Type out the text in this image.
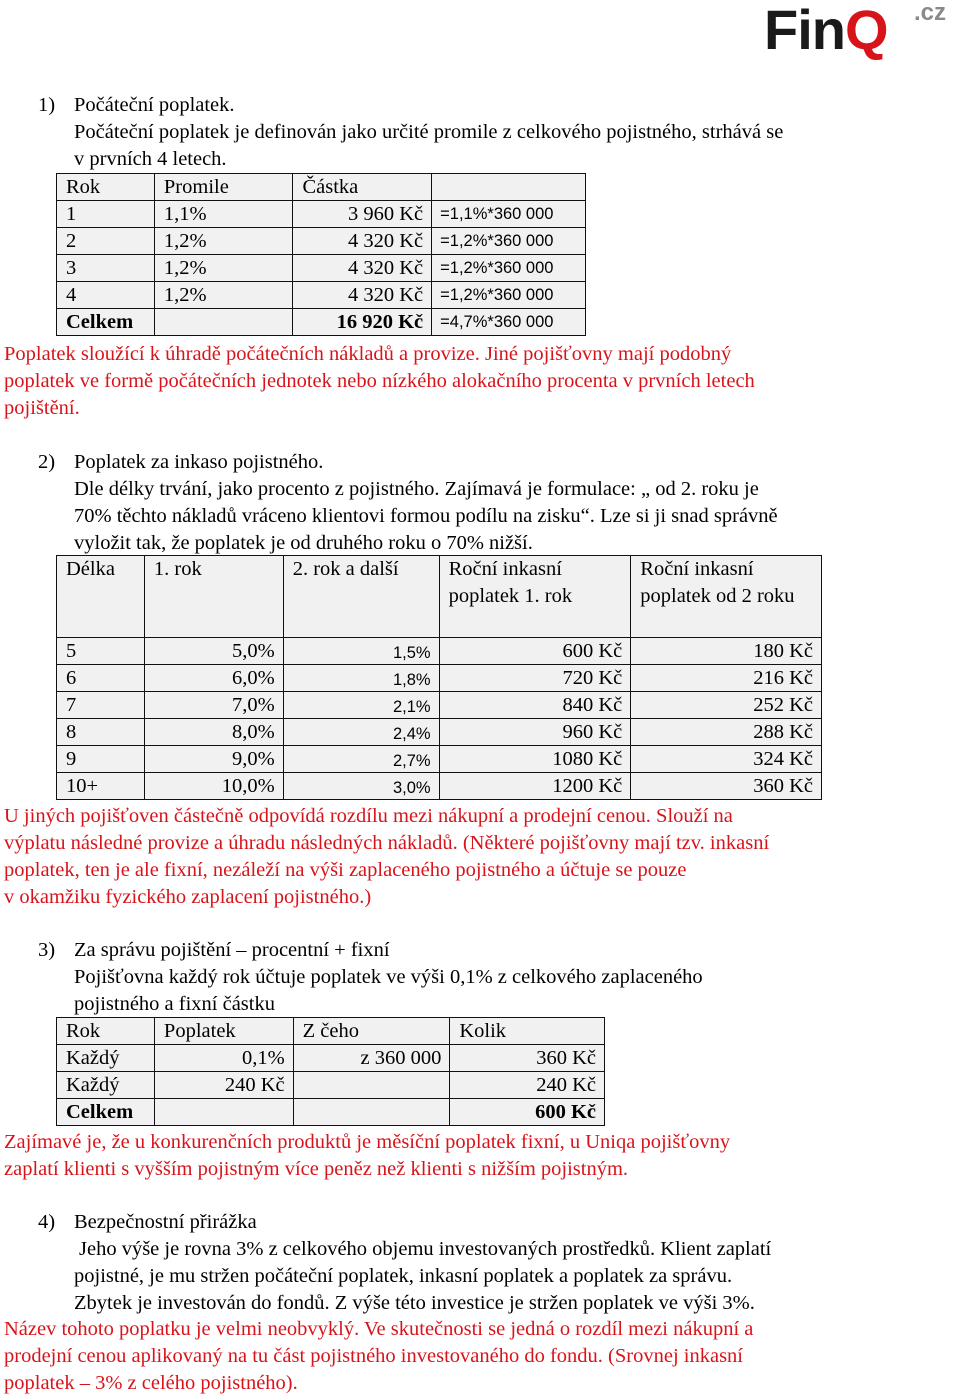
FinQ .cz
1) Počáteční poplatek.
Počáteční poplatek je definován jako určité promile z celkového pojistného, strhává se
v prvních 4 letech.
Rok	Promile	Částka	
1	1,1%	3 960 Kč	=1,1%*360 000
2	1,2%	4 320 Kč	=1,2%*360 000
3	1,2%	4 320 Kč	=1,2%*360 000
4	1,2%	4 320 Kč	=1,2%*360 000
Celkem		16 920 Kč	=4,7%*360 000
Poplatek sloužící k úhradě počátečních nákladů a provize. Jiné pojišťovny mají podobný
poplatek ve formě počátečních jednotek nebo nízkého alokačního procenta v prvních letech
pojištění.
2) Poplatek za inkaso pojistného.
Dle délky trvání, jako procento z pojistného. Zajímavá je formulace: „ od 2. roku je
70% těchto nákladů vráceno klientovi formou podílu na zisku“. Lze si ji snad správně
vyložit tak, že poplatek je od druhého roku o 70% nižší.
Délka	1. rok	2. rok a další	Roční inkasní poplatek 1. rok	Roční inkasní poplatek od 2 roku
5	5,0%	1,5%	600 Kč	180 Kč
6	6,0%	1,8%	720 Kč	216 Kč
7	7,0%	2,1%	840 Kč	252 Kč
8	8,0%	2,4%	960 Kč	288 Kč
9	9,0%	2,7%	1080 Kč	324 Kč
10+	10,0%	3,0%	1200 Kč	360 Kč
U jiných pojišťoven částečně odpovídá rozdílu mezi nákupní a prodejní cenou. Slouží na
výplatu následné provize a úhradu následných nákladů. (Některé pojišťovny mají tzv. inkasní
poplatek, ten je ale fixní, nezáleží na výši zaplaceného pojistného a účtuje se pouze
v okamžiku fyzického zaplacení pojistného.)
3) Za správu pojištění – procentní + fixní
Pojišťovna každý rok účtuje poplatek ve výši 0,1% z celkového zaplaceného
pojistného a fixní částku
Rok	Poplatek	Z čeho	Kolik
Každý	0,1%	z 360 000	360 Kč
Každý	240 Kč		240 Kč
Celkem			600 Kč
Zajímavé je, že u konkurenčních produktů je měsíční poplatek fixní, u Uniqa pojišťovny
zaplatí klienti s vyšším pojistným více peněz než klienti s nižším pojistným.
4) Bezpečnostní přirážka
Jeho výše je rovna 3% z celkového objemu investovaných prostředků. Klient zaplatí
pojistné, je mu stržen počáteční poplatek, inkasní poplatek a poplatek za správu.
Zbytek je investován do fondů. Z výše této investice je stržen poplatek ve výši 3%.
Název tohoto poplatku je velmi neobvyklý. Ve skutečnosti se jedná o rozdíl mezi nákupní a
prodejní cenou aplikovaný na tu část pojistného investovaného do fondu. (Srovnej inkasní
poplatek – 3% z celého pojistného).
